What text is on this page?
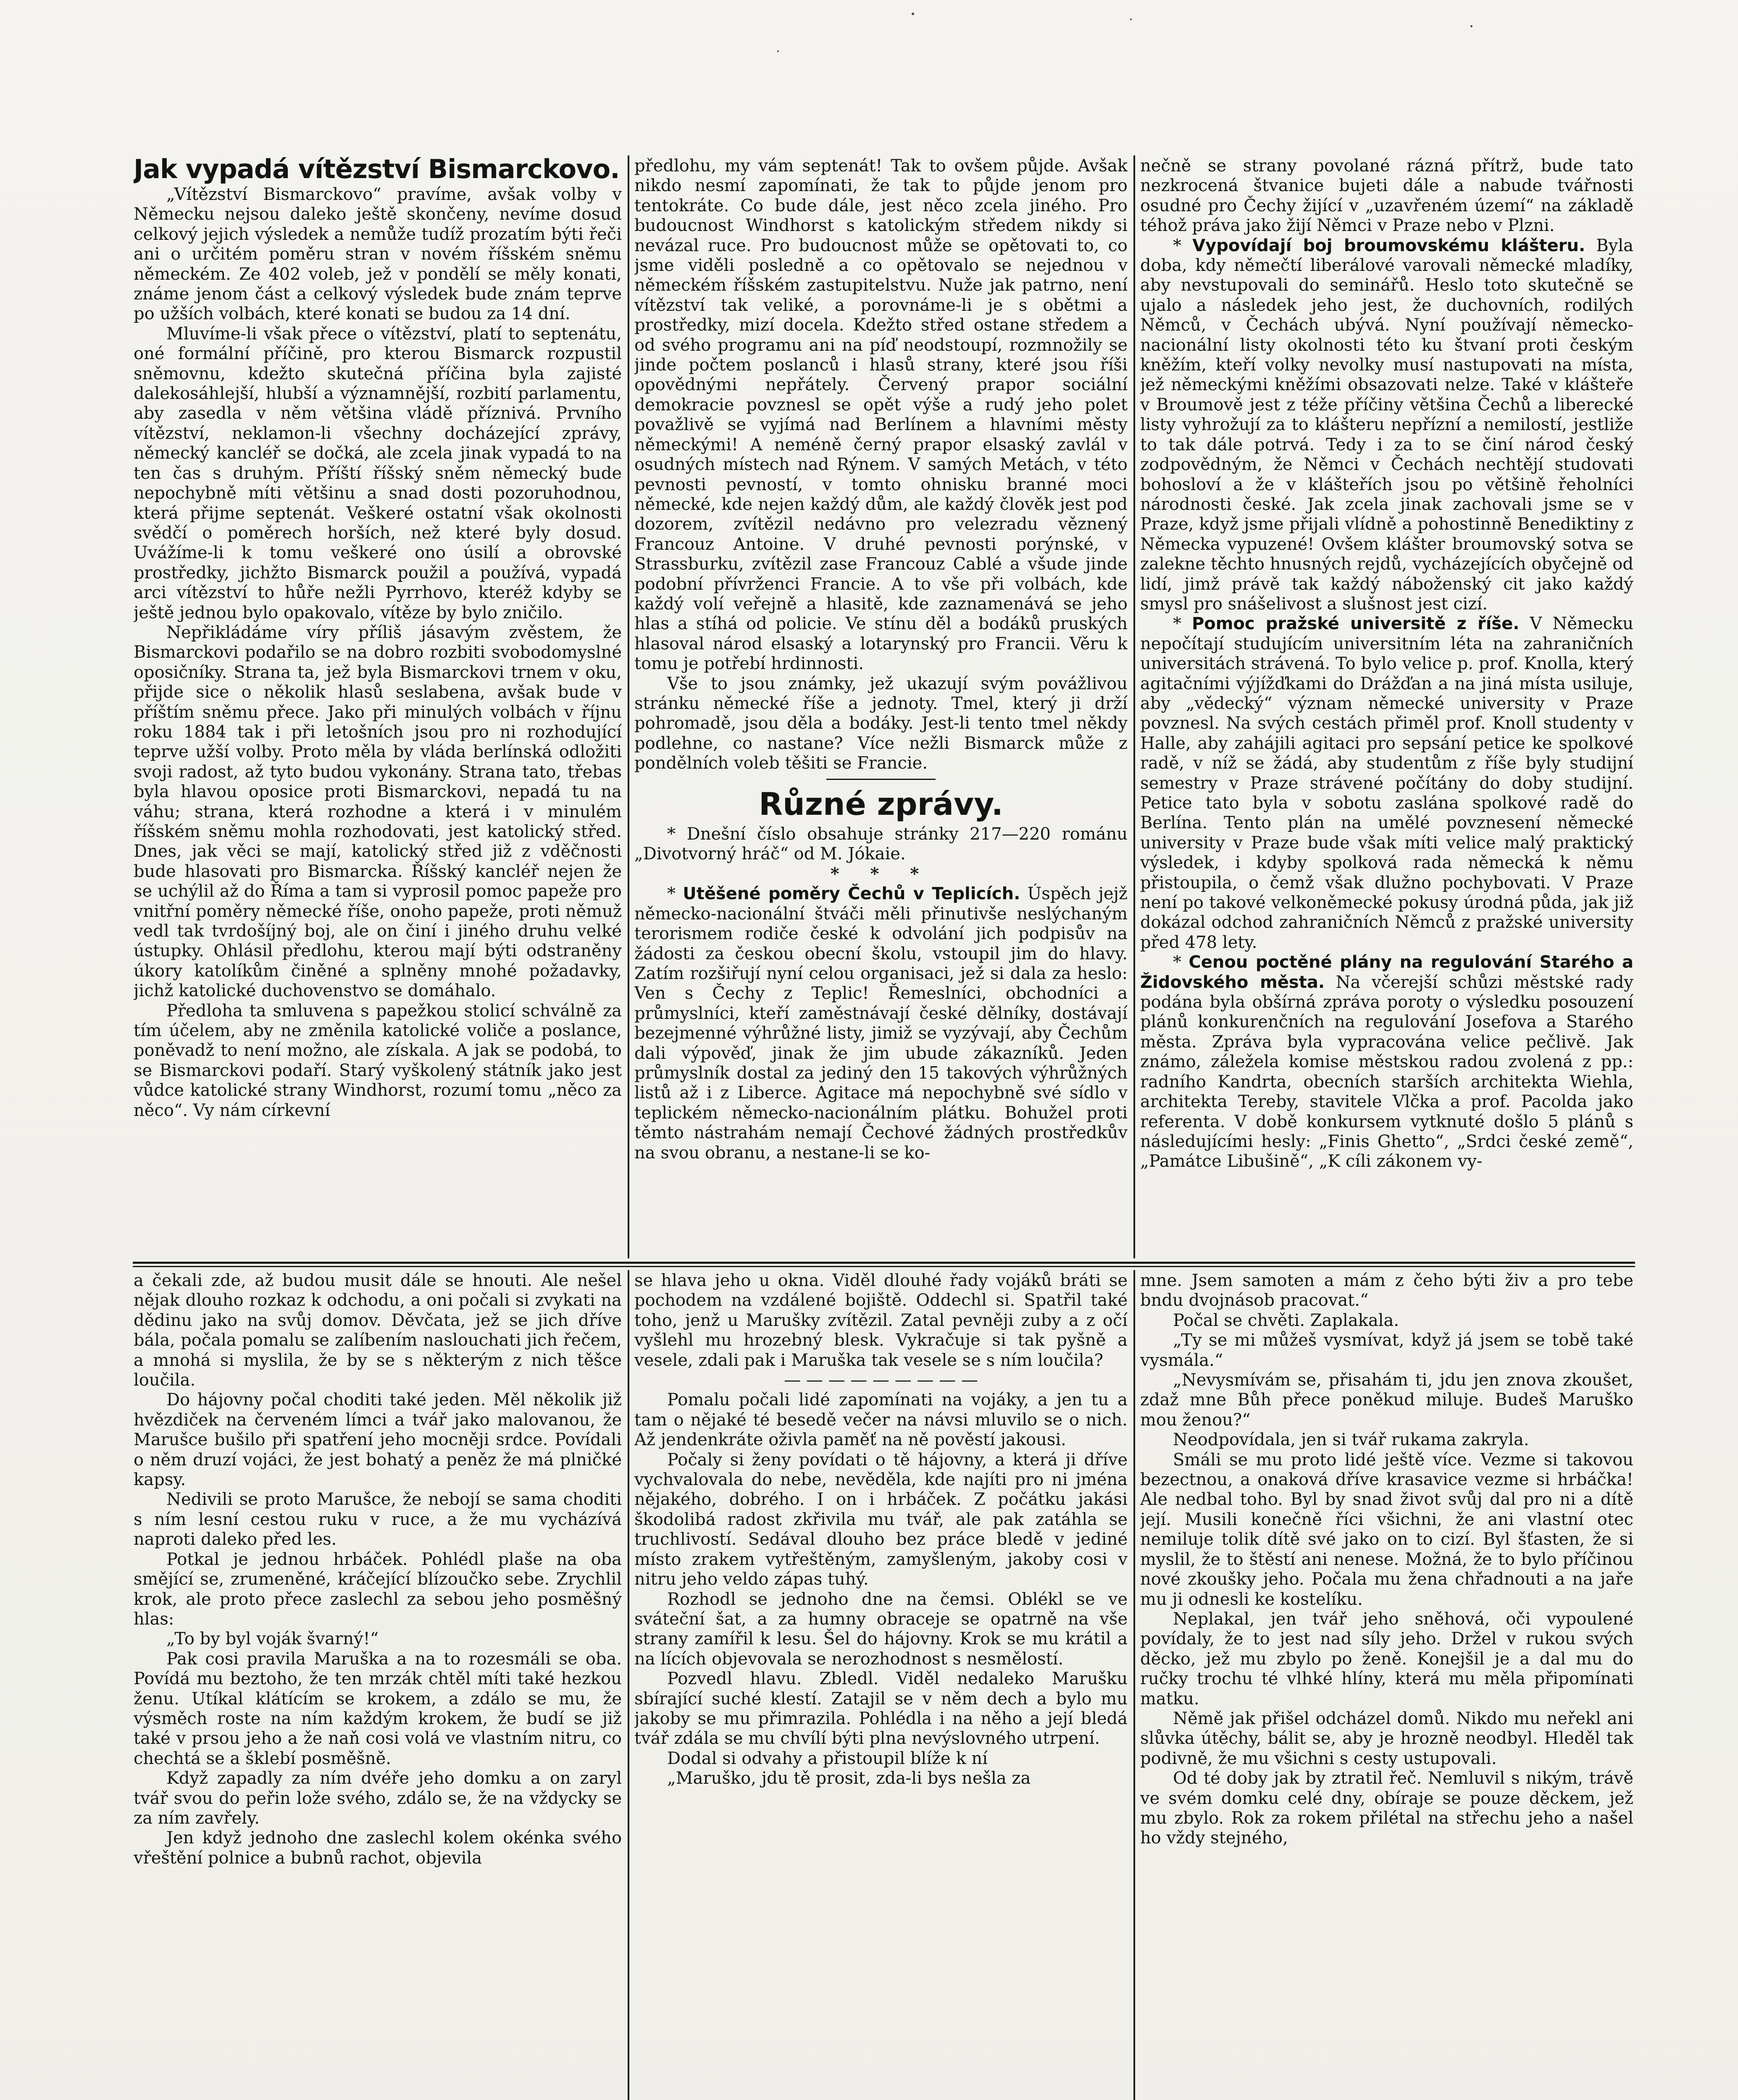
Jak vypadá vítězství Bismarckovo.

„Vítězství Bismarckovo“ pravíme, avšak volby v Německu nejsou daleko ještě skončeny, nevíme dosud celkový jejich výsledek a nemůže tudíž prozatím býti řeči ani o určitém poměru stran v novém říšském sněmu německém. Ze 402 voleb, jež v pondělí se měly konati, známe jenom část a celkový výsledek bude znám teprve po užších volbách, které konati se budou za 14 dní.

Mluvíme-li však přece o vítězství, platí to septenátu, oné formální příčině, pro kterou Bismarck rozpustil sněmovnu, kdežto skutečná příčina byla zajisté dalekosáhlejší, hlubší a významnější, rozbití parlamentu, aby zasedla v něm většina vládě příznivá. Prvního vítězství, neklamon-li všechny docházející zprávy, německý kancléř se dočká, ale zcela jinak vypadá to na ten čas s druhým. Příští říšský sněm německý bude nepochybně míti většinu a snad dosti pozoruhodnou, která přijme septenát. Veškeré ostatní však okolnosti svědčí o poměrech horších, než které byly dosud. Uvážíme-li k tomu veškeré ono úsilí a obrovské prostředky, jichžto Bismarck použil a používá, vypadá arci vítězství to hůře nežli Pyrrhovo, kteréž kdyby se ještě jednou bylo opakovalo, vítěze by bylo zničilo.

Nepřikládáme víry příliš jásavým zvěstem, že Bismarckovi podařilo se na dobro rozbiti svobodomyslné oposičníky. Strana ta, jež byla Bismarckovi trnem v oku, přijde sice o několik hlasů seslabena, avšak bude v příštím sněmu přece. Jako při minulých volbách v říjnu roku 1884 tak i při letošních jsou pro ni rozhodující teprve užší volby. Proto měla by vláda berlínská odložiti svoji radost, až tyto budou vykonány. Strana tato, třebas byla hlavou oposice proti Bismarckovi, nepadá tu na váhu; strana, která rozhodne a která i v minulém říšském sněmu mohla rozhodovati, jest katolický střed. Dnes, jak věci se mají, katolický střed již z vděčnosti bude hlasovati pro Bismarcka. Říšský kancléř nejen že se uchýlil až do Říma a tam si vyprosil pomoc papeže pro vnitřní poměry německé říše, onoho papeže, proti němuž vedl tak tvrdošíjný boj, ale on činí i jiného druhu velké ústupky. Ohlásil předlohu, kterou mají býti odstraněny úkory katolíkům činěné a splněny mnohé požadavky, jichž katolické duchovenstvo se domáhalo.

Předloha ta smluvena s papežkou stolicí schválně za tím účelem, aby ne změnila katolické voliče a poslance, poněvadž to není možno, ale získala. A jak se podobá, to se Bismarckovi podaří. Starý vyškolený státník jako jest vůdce katolické strany Windhorst, rozumí tomu „něco za něco“. Vy nám církevní

předlohu, my vám septenát! Tak to ovšem půjde. Avšak nikdo nesmí zapomínati, že tak to půjde jenom pro tentokráte. Co bude dále, jest něco zcela jiného. Pro budoucnost Windhorst s katolickým středem nikdy si nevázal ruce. Pro budoucnost může se opětovati to, co jsme viděli posledně a co opětovalo se nejednou v německém říšském zastupitelstvu. Nuže jak patrno, není vítězství tak veliké, a porovnáme-li je s obětmi a prostředky, mizí docela. Kdežto střed ostane středem a od svého programu ani na píď neodstoupí, rozmnožily se jinde počtem poslanců i hlasů strany, které jsou říši opovědnými nepřátely. Červený prapor sociální demokracie povznesl se opět výše a rudý jeho polet považlivě se vyjímá nad Berlínem a hlavními městy německými! A neméně černý prapor elsaský zavlál v osudných místech nad Rýnem. V samých Metách, v této pevnosti pevností, v tomto ohnisku branné moci německé, kde nejen každý dům, ale každý člověk jest pod dozorem, zvítězil nedávno pro velezradu věznený Francouz Antoine. V druhé pevnosti porýnské, v Strassburku, zvítězil zase Francouz Cablé a všude jinde podobní přívrženci Francie. A to vše při volbách, kde každý volí veřejně a hlasitě, kde zaznamenává se jeho hlas a stíhá od policie. Ve stínu děl a bodáků pruských hlasoval národ elsaský a lotarynský pro Francii. Věru k tomu je potřebí hrdinnosti.

Vše to jsou známky, jež ukazují svým povážlivou stránku německé říše a jednoty. Tmel, který ji drží pohromadě, jsou děla a bodáky. Jest-li tento tmel někdy podlehne, co nastane? Více nežli Bismarck může z pondělních voleb těšiti se Francie.

Různé zprávy.

* Dnešní číslo obsahuje stránky 217—220 románu „Divotvorný hráč“ od M. Jókaie.

* * *

* Utěšené poměry Čechů v Teplicích. Úspěch jejž německo-nacionální štváči měli přinutivše neslýchaným terorismem rodiče české k odvolání jich podpisův na žádosti za českou obecní školu, vstoupil jim do hlavy. Zatím rozšiřují nyní celou organisaci, jež si dala za heslo: Ven s Čechy z Teplic! Řemeslníci, obchodníci a průmyslníci, kteří zaměstnávají české dělníky, dostávají bezejmenné výhrůžné listy, jimiž se vyzývají, aby Čechům dali výpověď, jinak že jim ubude zákazníků. Jeden průmyslník dostal za jediný den 15 takových výhrůžných listů až i z Liberce. Agitace má nepochybně své sídlo v teplickém německo-nacionálním plátku. Bohužel proti těmto nástrahám nemají Čechové žádných prostředkův na svou obranu, a nestane-li se ko-

nečně se strany povolané rázná přítrž, bude tato nezkrocená štvanice bujeti dále a nabude tvářnosti osudné pro Čechy žijící v „uzavřeném území“ na základě téhož práva jako žijí Němci v Praze nebo v Plzni.

* Vypovídají boj broumovskému klášteru. Byla doba, kdy němečtí liberálové varovali německé mladíky, aby nevstupovali do seminářů. Heslo toto skutečně se ujalo a následek jeho jest, že duchovních, rodilých Němců, v Čechách ubývá. Nyní používají německo-nacionální listy okolnosti této ku štvaní proti českým kněžím, kteří volky nevolky musí nastupovati na místa, jež německými kněžími obsazovati nelze. Také v klášteře v Broumově jest z téže příčiny většina Čechů a liberecké listy vyhrožují za to klášteru nepřízní a nemilostí, jestliže to tak dále potrvá. Tedy i za to se činí národ český zodpovědným, že Němci v Čechách nechtějí studovati bohosloví a že v klášteřích jsou po většině řeholníci národnosti české. Jak zcela jinak zachovali jsme se v Praze, když jsme přijali vlídně a pohostinně Benediktiny z Německa vypuzené! Ovšem klášter broumovský sotva se zalekne těchto hnusných rejdů, vycházejících obyčejně od lidí, jimž právě tak každý náboženský cit jako každý smysl pro snášelivost a slušnost jest cizí.

* Pomoc pražské universitě z říše. V Německu nepočítají studujícím universitním léta na zahraničních universitách strávená. To bylo velice p. prof. Knolla, který agitačními výjížďkami do Drážďan a na jiná místa usiluje, aby „vědecký“ význam německé university v Praze povznesl. Na svých cestách přiměl prof. Knoll studenty v Halle, aby zahájili agitaci pro sepsání petice ke spolkové radě, v níž se žádá, aby studentům z říše byly studijní semestry v Praze strávené počítány do doby studijní. Petice tato byla v sobotu zaslána spolkové radě do Berlína. Tento plán na umělé povznesení německé university v Praze bude však míti velice malý praktický výsledek, i kdyby spolková rada německá k němu přistoupila, o čemž však dlužno pochybovati. V Praze není po takové velkoněmecké pokusy úrodná půda, jak již dokázal odchod zahraničních Němců z pražské university před 478 lety.

* Cenou poctěné plány na regulování Starého a Židovského města. Na včerejší schůzi městské rady podána byla obšírná zpráva poroty o výsledku posouzení plánů konkurenčních na regulování Josefova a Starého města. Zpráva byla vypracována velice pečlivě. Jak známo, záležela komise městskou radou zvolená z pp.: radního Kandrta, obecních starších architekta Wiehla, architekta Tereby, stavitele Vlčka a prof. Pacolda jako referenta. V době konkursem vytknuté došlo 5 plánů s následujícími hesly: „Finis Ghetto“, „Srdci české země“, „Památce Libušině“, „K cíli zákonem vy-

a čekali zde, až budou musit dále se hnouti. Ale nešel nějak dlouho rozkaz k odchodu, a oni počali si zvykati na dědinu jako na svůj domov. Děvčata, jež se jich dříve bála, počala pomalu se zalíbením naslouchati jich řečem, a mnohá si myslila, že by se s některým z nich těšce loučila.

Do hájovny počal choditi také jeden. Měl několik již hvězdiček na červeném límci a tvář jako malovanou, že Marušce bušilo při spatření jeho mocněji srdce. Povídali o něm druzí vojáci, že jest bohatý a peněz že má plničké kapsy.

Nedivili se proto Marušce, že nebojí se sama choditi s ním lesní cestou ruku v ruce, a že mu vycházívá naproti daleko před les.

Potkal je jednou hrbáček. Pohlédl plaše na oba smějící se, zrumeněné, kráčející blízoučko sebe. Zrychlil krok, ale proto přece zaslechl za sebou jeho posměšný hlas:

„To by byl voják švarný!“

Pak cosi pravila Maruška a na to rozesmáli se oba. Povídá mu beztoho, že ten mrzák chtěl míti také hezkou ženu. Utíkal klátícím se krokem, a zdálo se mu, že výsměch roste na ním každým krokem, že budí se již také v prsou jeho a že naň cosi volá ve vlastním nitru, co chechtá se a šklebí posměšně.

Když zapadly za ním dvéře jeho domku a on zaryl tvář svou do peřin lože svého, zdálo se, že na vždycky se za ním zavřely.

Jen když jednoho dne zaslechl kolem okénka svého vřeštění polnice a bubnů rachot, objevila

se hlava jeho u okna. Viděl dlouhé řady vojáků bráti se pochodem na vzdálené bojiště. Oddechl si. Spatřil také toho, jenž u Marušky zvítězil. Zatal pevněji zuby a z očí vyšlehl mu hrozebný blesk. Vykračuje si tak pyšně a vesele, zdali pak i Maruška tak vesele se s ním loučila?

— — — — — — — — —

Pomalu počali lidé zapomínati na vojáky, a jen tu a tam o nějaké té besedě večer na návsi mluvilo se o nich. Až jendenkráte oživla paměť na ně pověstí jakousi.

Počaly si ženy povídati o tě hájovny, a která ji dříve vychvalovala do nebe, nevěděla, kde najíti pro ni jména nějakého, dobrého. I on i hrbáček. Z počátku jakási škodolibá radost zkřivila mu tvář, ale pak zatáhla se truchlivostí. Sedával dlouho bez práce bledě v jediné místo zrakem vytřeštěným, zamyšleným, jakoby cosi v nitru jeho veldo zápas tuhý.

Rozhodl se jednoho dne na čemsi. Oblékl se ve sváteční šat, a za humny obraceje se opatrně na vše strany zamířil k lesu. Šel do hájovny. Krok se mu krátil a na lících objevovala se nerozhodnost s nesmělostí.

Pozvedl hlavu. Zbledl. Viděl nedaleko Marušku sbírající suché klestí. Zatajil se v něm dech a bylo mu jakoby se mu přimrazila. Pohlédla i na něho a její bledá tvář zdála se mu chvílí býti plna nevýslovného utrpení.

Dodal si odvahy a přistoupil blíže k ní

„Maruško, jdu tě prosit, zda-li bys nešla za

mne. Jsem samoten a mám z čeho býti živ a pro tebe bndu dvojnásob pracovat.“

Počal se chvěti. Zaplakala.

„Ty se mi můžeš vysmívat, když já jsem se tobě také vysmála.“

„Nevysmívám se, přisahám ti, jdu jen znova zkoušet, zdaž mne Bůh přece poněkud miluje. Budeš Maruško mou ženou?“

Neodpovídala, jen si tvář rukama zakryla.

Smáli se mu proto lidé ještě více. Vezme si takovou bezectnou, a onaková dříve krasavice vezme si hrbáčka! Ale nedbal toho. Byl by snad život svůj dal pro ni a dítě její. Musili konečně říci všichni, že ani vlastní otec nemiluje tolik dítě své jako on to cizí. Byl šťasten, že si myslil, že to štěstí ani nenese. Možná, že to bylo příčinou nové zkoušky jeho. Počala mu žena chřadnouti a na jaře mu ji odnesli ke kostelíku.

Neplakal, jen tvář jeho sněhová, oči vypoulené povídaly, že to jest nad síly jeho. Držel v rukou svých děcko, jež mu zbylo po ženě. Konejšil je a dal mu do ručky trochu té vlhké hlíny, která mu měla připomínati matku.

Němě jak přišel odcházel domů. Nikdo mu neřekl ani slůvka útěchy, bálit se, aby je hrozně neodbyl. Hleděl tak podivně, že mu všichni s cesty ustupovali.

Od té doby jak by ztratil řeč. Nemluvil s nikým, trávě ve svém domku celé dny, obíraje se pouze děckem, jež mu zbylo. Rok za rokem přilétal na střechu jeho a našel ho vždy stejného,
